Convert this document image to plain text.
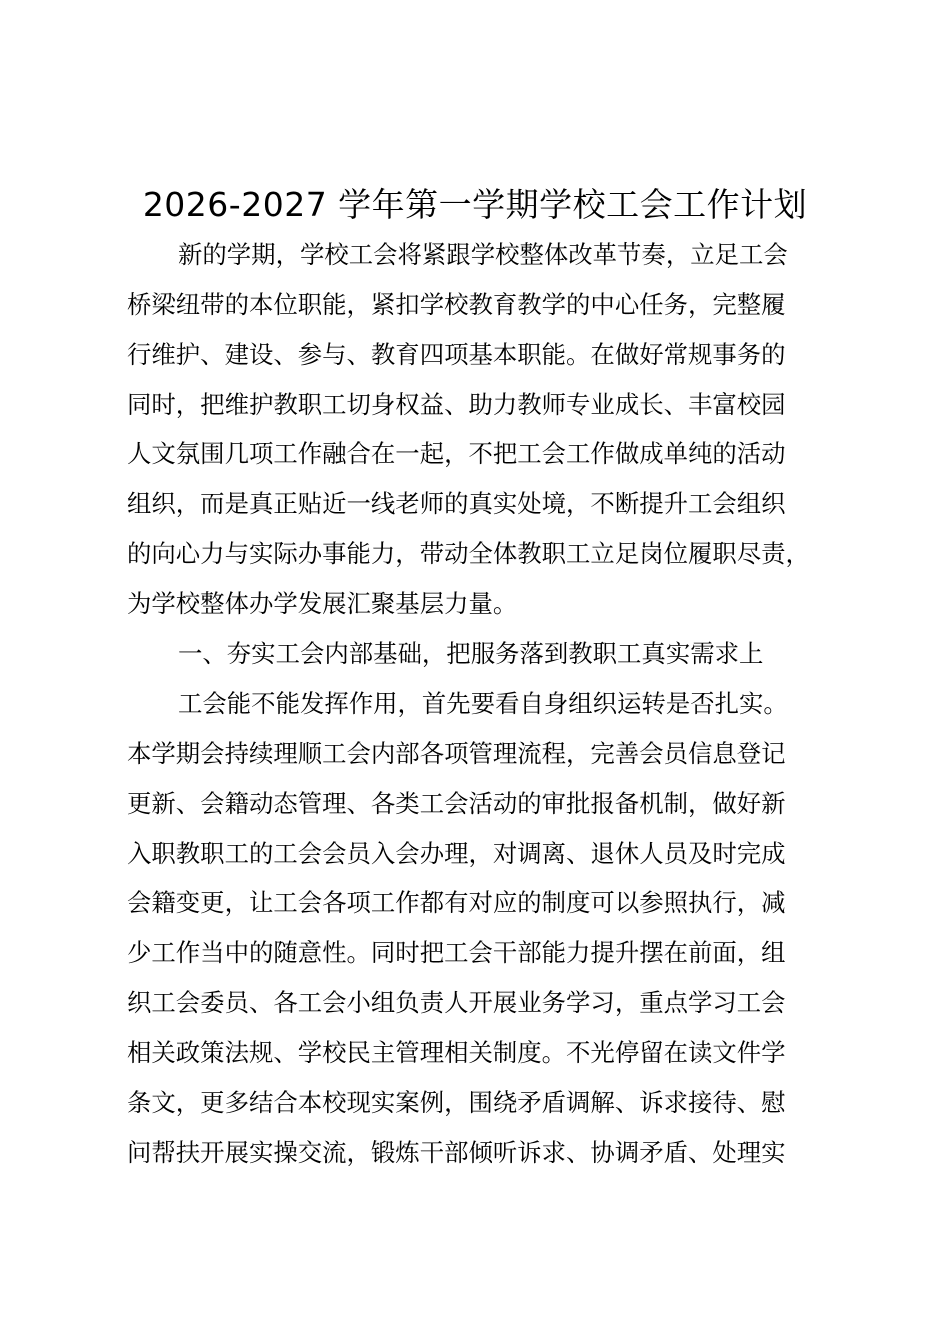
2026-2027 学年第一学期学校工会工作计划
新的学期，学校工会将紧跟学校整体改革节奏，立足工会
桥梁纽带的本位职能，紧扣学校教育教学的中心任务，完整履
行维护、建设、参与、教育四项基本职能。在做好常规事务的
同时，把维护教职工切身权益、助力教师专业成长、丰富校园
人文氛围几项工作融合在一起，不把工会工作做成单纯的活动
组织，而是真正贴近一线老师的真实处境，不断提升工会组织
的向心力与实际办事能力，带动全体教职工立足岗位履职尽责，
为学校整体办学发展汇聚基层力量。
一、夯实工会内部基础，把服务落到教职工真实需求上
工会能不能发挥作用，首先要看自身组织运转是否扎实。
本学期会持续理顺工会内部各项管理流程，完善会员信息登记
更新、会籍动态管理、各类工会活动的审批报备机制，做好新
入职教职工的工会会员入会办理，对调离、退休人员及时完成
会籍变更，让工会各项工作都有对应的制度可以参照执行，减
少工作当中的随意性。同时把工会干部能力提升摆在前面，组
织工会委员、各工会小组负责人开展业务学习，重点学习工会
相关政策法规、学校民主管理相关制度。不光停留在读文件学
条文，更多结合本校现实案例，围绕矛盾调解、诉求接待、慰
问帮扶开展实操交流，锻炼干部倾听诉求、协调矛盾、处理实
